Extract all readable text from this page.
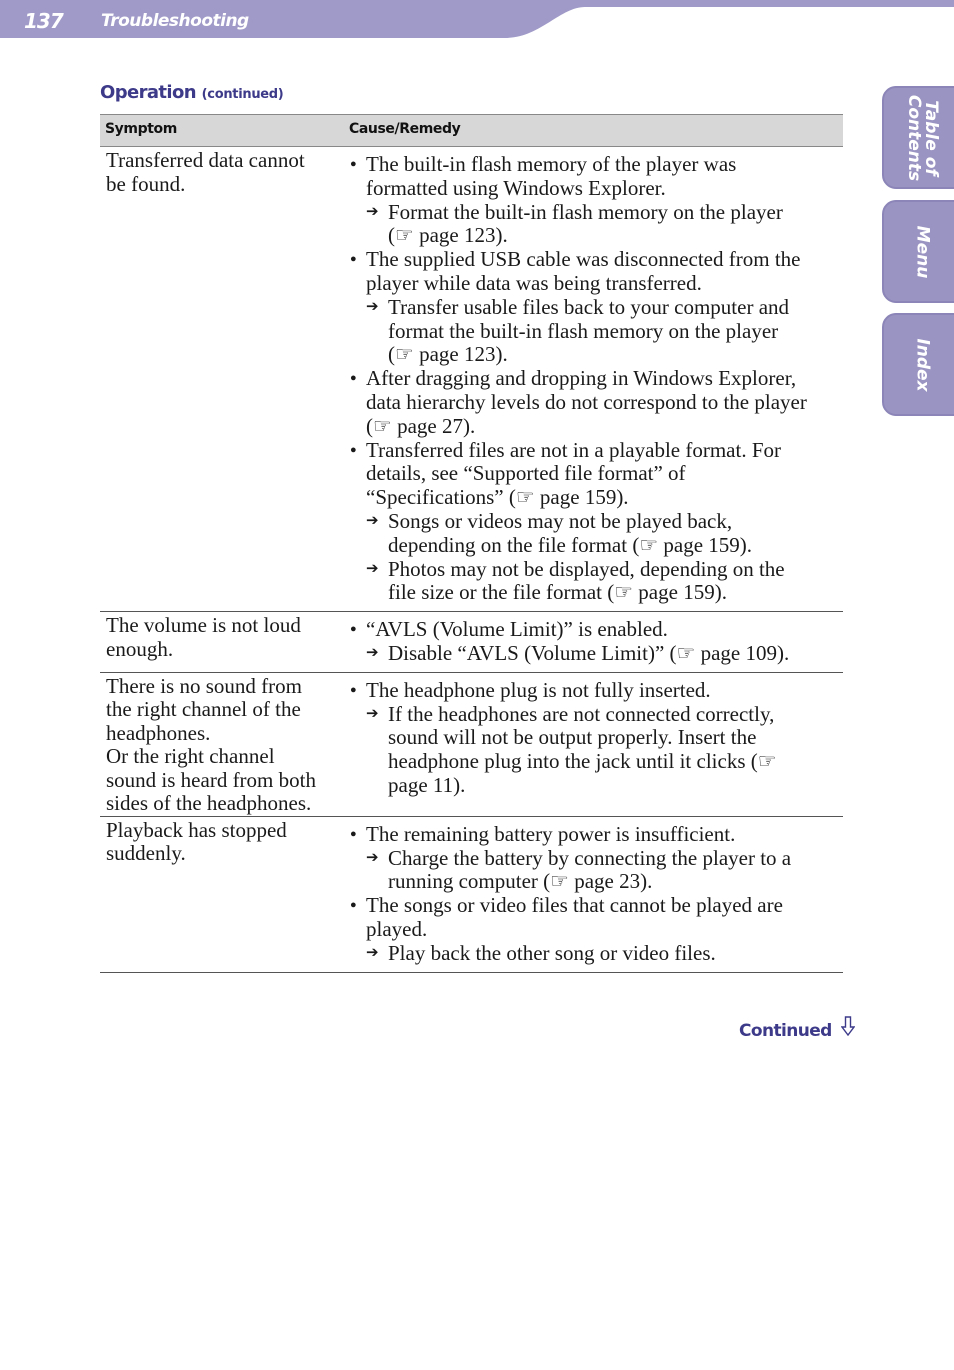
137 Troubleshooting
Table of
Contents
Menu
Index
Operation (continued)
Symptom	Cause/Remedy
Transferred data cannot
be found.
● The built-in flash memory of the player was
formatted using Windows Explorer.
➔ Format the built-in flash memory on the player
(☞ page 123).
● The supplied USB cable was disconnected from the
player while data was being transferred.
➔ Transfer usable files back to your computer and
format the built-in flash memory on the player
(☞ page 123).
● After dragging and dropping in Windows Explorer,
data hierarchy levels do not correspond to the player
(☞ page 27).
● Transferred files are not in a playable format. For
details, see “Supported file format” of
“Specifications” (☞ page 159).
➔ Songs or videos may not be played back,
depending on the file format (☞ page 159).
➔ Photos may not be displayed, depending on the
file size or the file format (☞ page 159).
The volume is not loud
enough.
● “AVLS (Volume Limit)” is enabled.
➔ Disable “AVLS (Volume Limit)” (☞ page 109).
There is no sound from
the right channel of the
headphones.
Or the right channel
sound is heard from both
sides of the headphones.
● The headphone plug is not fully inserted.
➔ If the headphones are not connected correctly,
sound will not be output properly. Insert the
headphone plug into the jack until it clicks (☞
page 11).
Playback has stopped
suddenly.
● The remaining battery power is insufficient.
➔ Charge the battery by connecting the player to a
running computer (☞ page 23).
● The songs or video files that cannot be played are
played.
➔ Play back the other song or video files.
Continued
